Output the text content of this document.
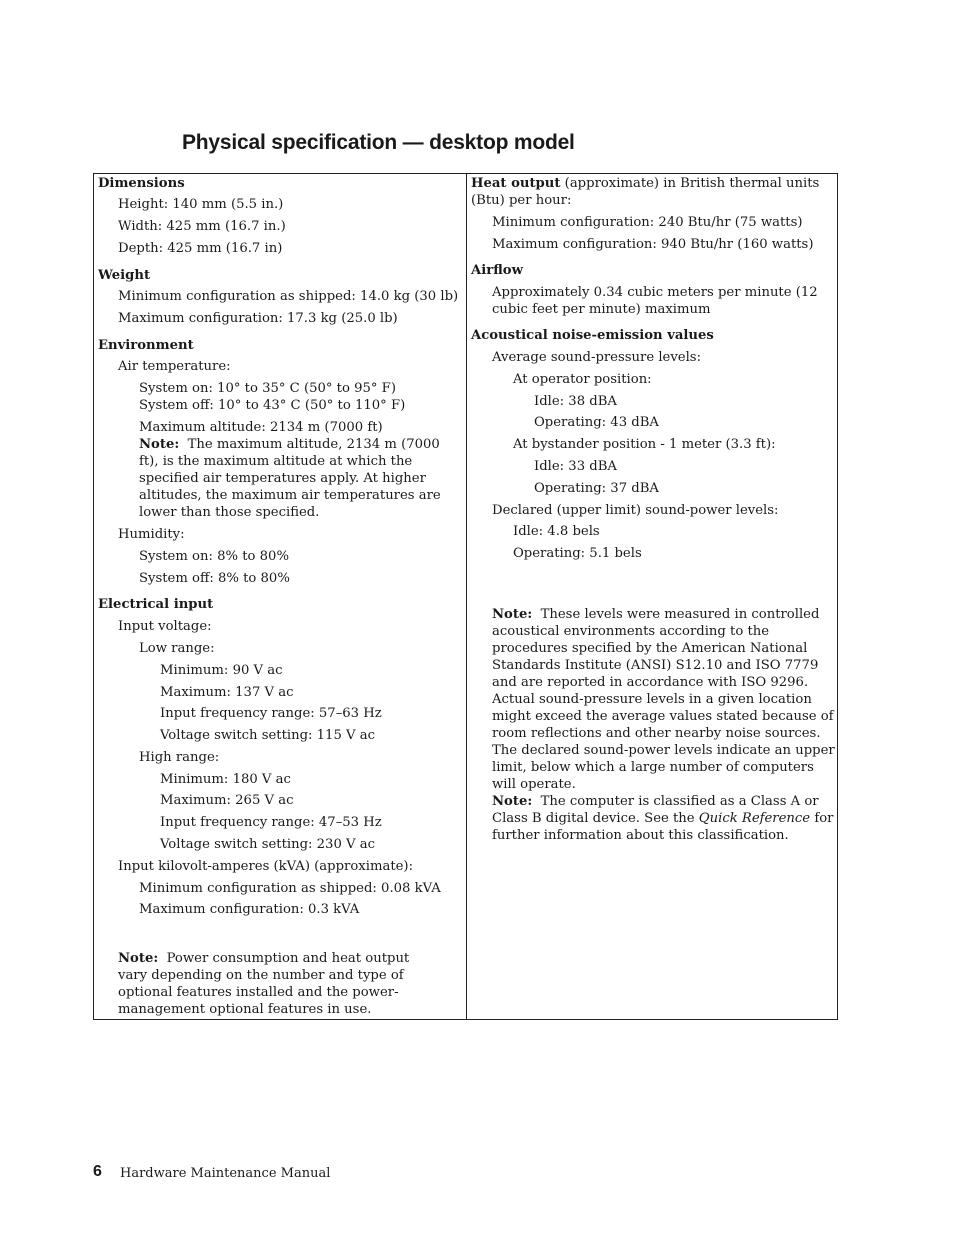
Physical specification — desktop model
Dimensions
Height: 140 mm (5.5 in.)
Width: 425 mm (16.7 in.)
Depth: 425 mm (16.7 in)
Weight
Minimum configuration as shipped: 14.0 kg (30 lb)
Maximum configuration: 17.3 kg (25.0 lb)
Environment
Air temperature:
System on: 10° to 35° C (50° to 95° F)
System off: 10° to 43° C (50° to 110° F)
Maximum altitude: 2134 m (7000 ft)
Note: The maximum altitude, 2134 m (7000 ft), is the maximum altitude at which the specified air temperatures apply. At higher altitudes, the maximum air temperatures are lower than those specified.
Humidity:
System on: 8% to 80%
System off: 8% to 80%
Electrical input
Input voltage:
Low range:
Minimum: 90 V ac
Maximum: 137 V ac
Input frequency range: 57–63 Hz
Voltage switch setting: 115 V ac
High range:
Minimum: 180 V ac
Maximum: 265 V ac
Input frequency range: 47–53 Hz
Voltage switch setting: 230 V ac
Input kilovolt-amperes (kVA) (approximate):
Minimum configuration as shipped: 0.08 kVA
Maximum configuration: 0.3 kVA
Note: Power consumption and heat output vary depending on the number and type of optional features installed and the power-management optional features in use.
Heat output (approximate) in British thermal units (Btu) per hour:
Minimum configuration: 240 Btu/hr (75 watts)
Maximum configuration: 940 Btu/hr (160 watts)
Airflow
Approximately 0.34 cubic meters per minute (12 cubic feet per minute) maximum
Acoustical noise-emission values
Average sound-pressure levels:
At operator position:
Idle: 38 dBA
Operating: 43 dBA
At bystander position - 1 meter (3.3 ft):
Idle: 33 dBA
Operating: 37 dBA
Declared (upper limit) sound-power levels:
Idle: 4.8 bels
Operating: 5.1 bels
Note: These levels were measured in controlled acoustical environments according to the procedures specified by the American National Standards Institute (ANSI) S12.10 and ISO 7779 and are reported in accordance with ISO 9296. Actual sound-pressure levels in a given location might exceed the average values stated because of room reflections and other nearby noise sources. The declared sound-power levels indicate an upper limit, below which a large number of computers will operate.
Note: The computer is classified as a Class A or Class B digital device. See the Quick Reference for further information about this classification.
6 Hardware Maintenance Manual
